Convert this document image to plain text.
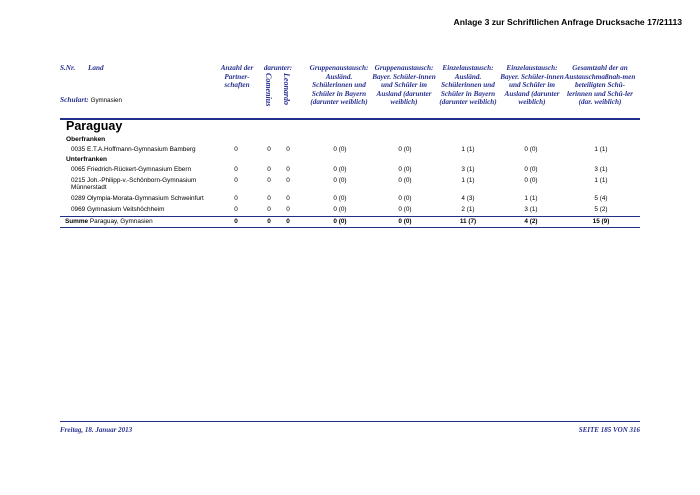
Anlage 3 zur Schriftlichen Anfrage Drucksache 17/21113
S.Nr. Land
Schulart: Gymnasien
Anzahl der Partner-schaften
darunter:
Comenius Leonardo
Gruppenaustausch: Ausländ. Schülerinnen und Schüler in Bayern (darunter weiblich)
Gruppenaustausch: Bayer. Schüler-innen und Schüler im Ausland (darunter weiblich)
Einzelaustausch: Ausländ. Schülerinnen und Schüler in Bayern (darunter weiblich)
Einzelaustausch: Bayer. Schüler-innen und Schüler im Ausland (darunter weiblich)
Gesamtzahl der an Austauschmaßnah-men beteiligten Schü-lerinnen und Schü-ler (dar. weiblich)
Paraguay
Oberfranken
0035 E.T.A.Hoffmann-Gymnasium Bamberg	0	0	0	0 (0)	0 (0)	1 (1)	0 (0)	1 (1)
Unterfranken
0065 Friedrich-Rückert-Gymnasium Ebern	0	0	0	0 (0)	0 (0)	3 (1)	0 (0)	3 (1)
0215 Joh.-Philipp-v.-Schönborn-Gymnasium Münnerstadt
0	0	0	0 (0)	0 (0)	1 (1)	0 (0)	1 (1)
0289 Olympia-Morata-Gymnasium Schweinfurt	0	0	0	0 (0)	0 (0)	4 (3)	1 (1)	5 (4)
0969 Gymnasium Veitshöchheim	0	0	0	0 (0)	0 (0)	2 (1)	3 (1)	5 (2)
Summe Paraguay, Gymnasien	0	0	0	0 (0)	0 (0)	11 (7)	4 (2)	15 (9)
Freitag, 18. Januar 2013	SEITE 185 VON 316
